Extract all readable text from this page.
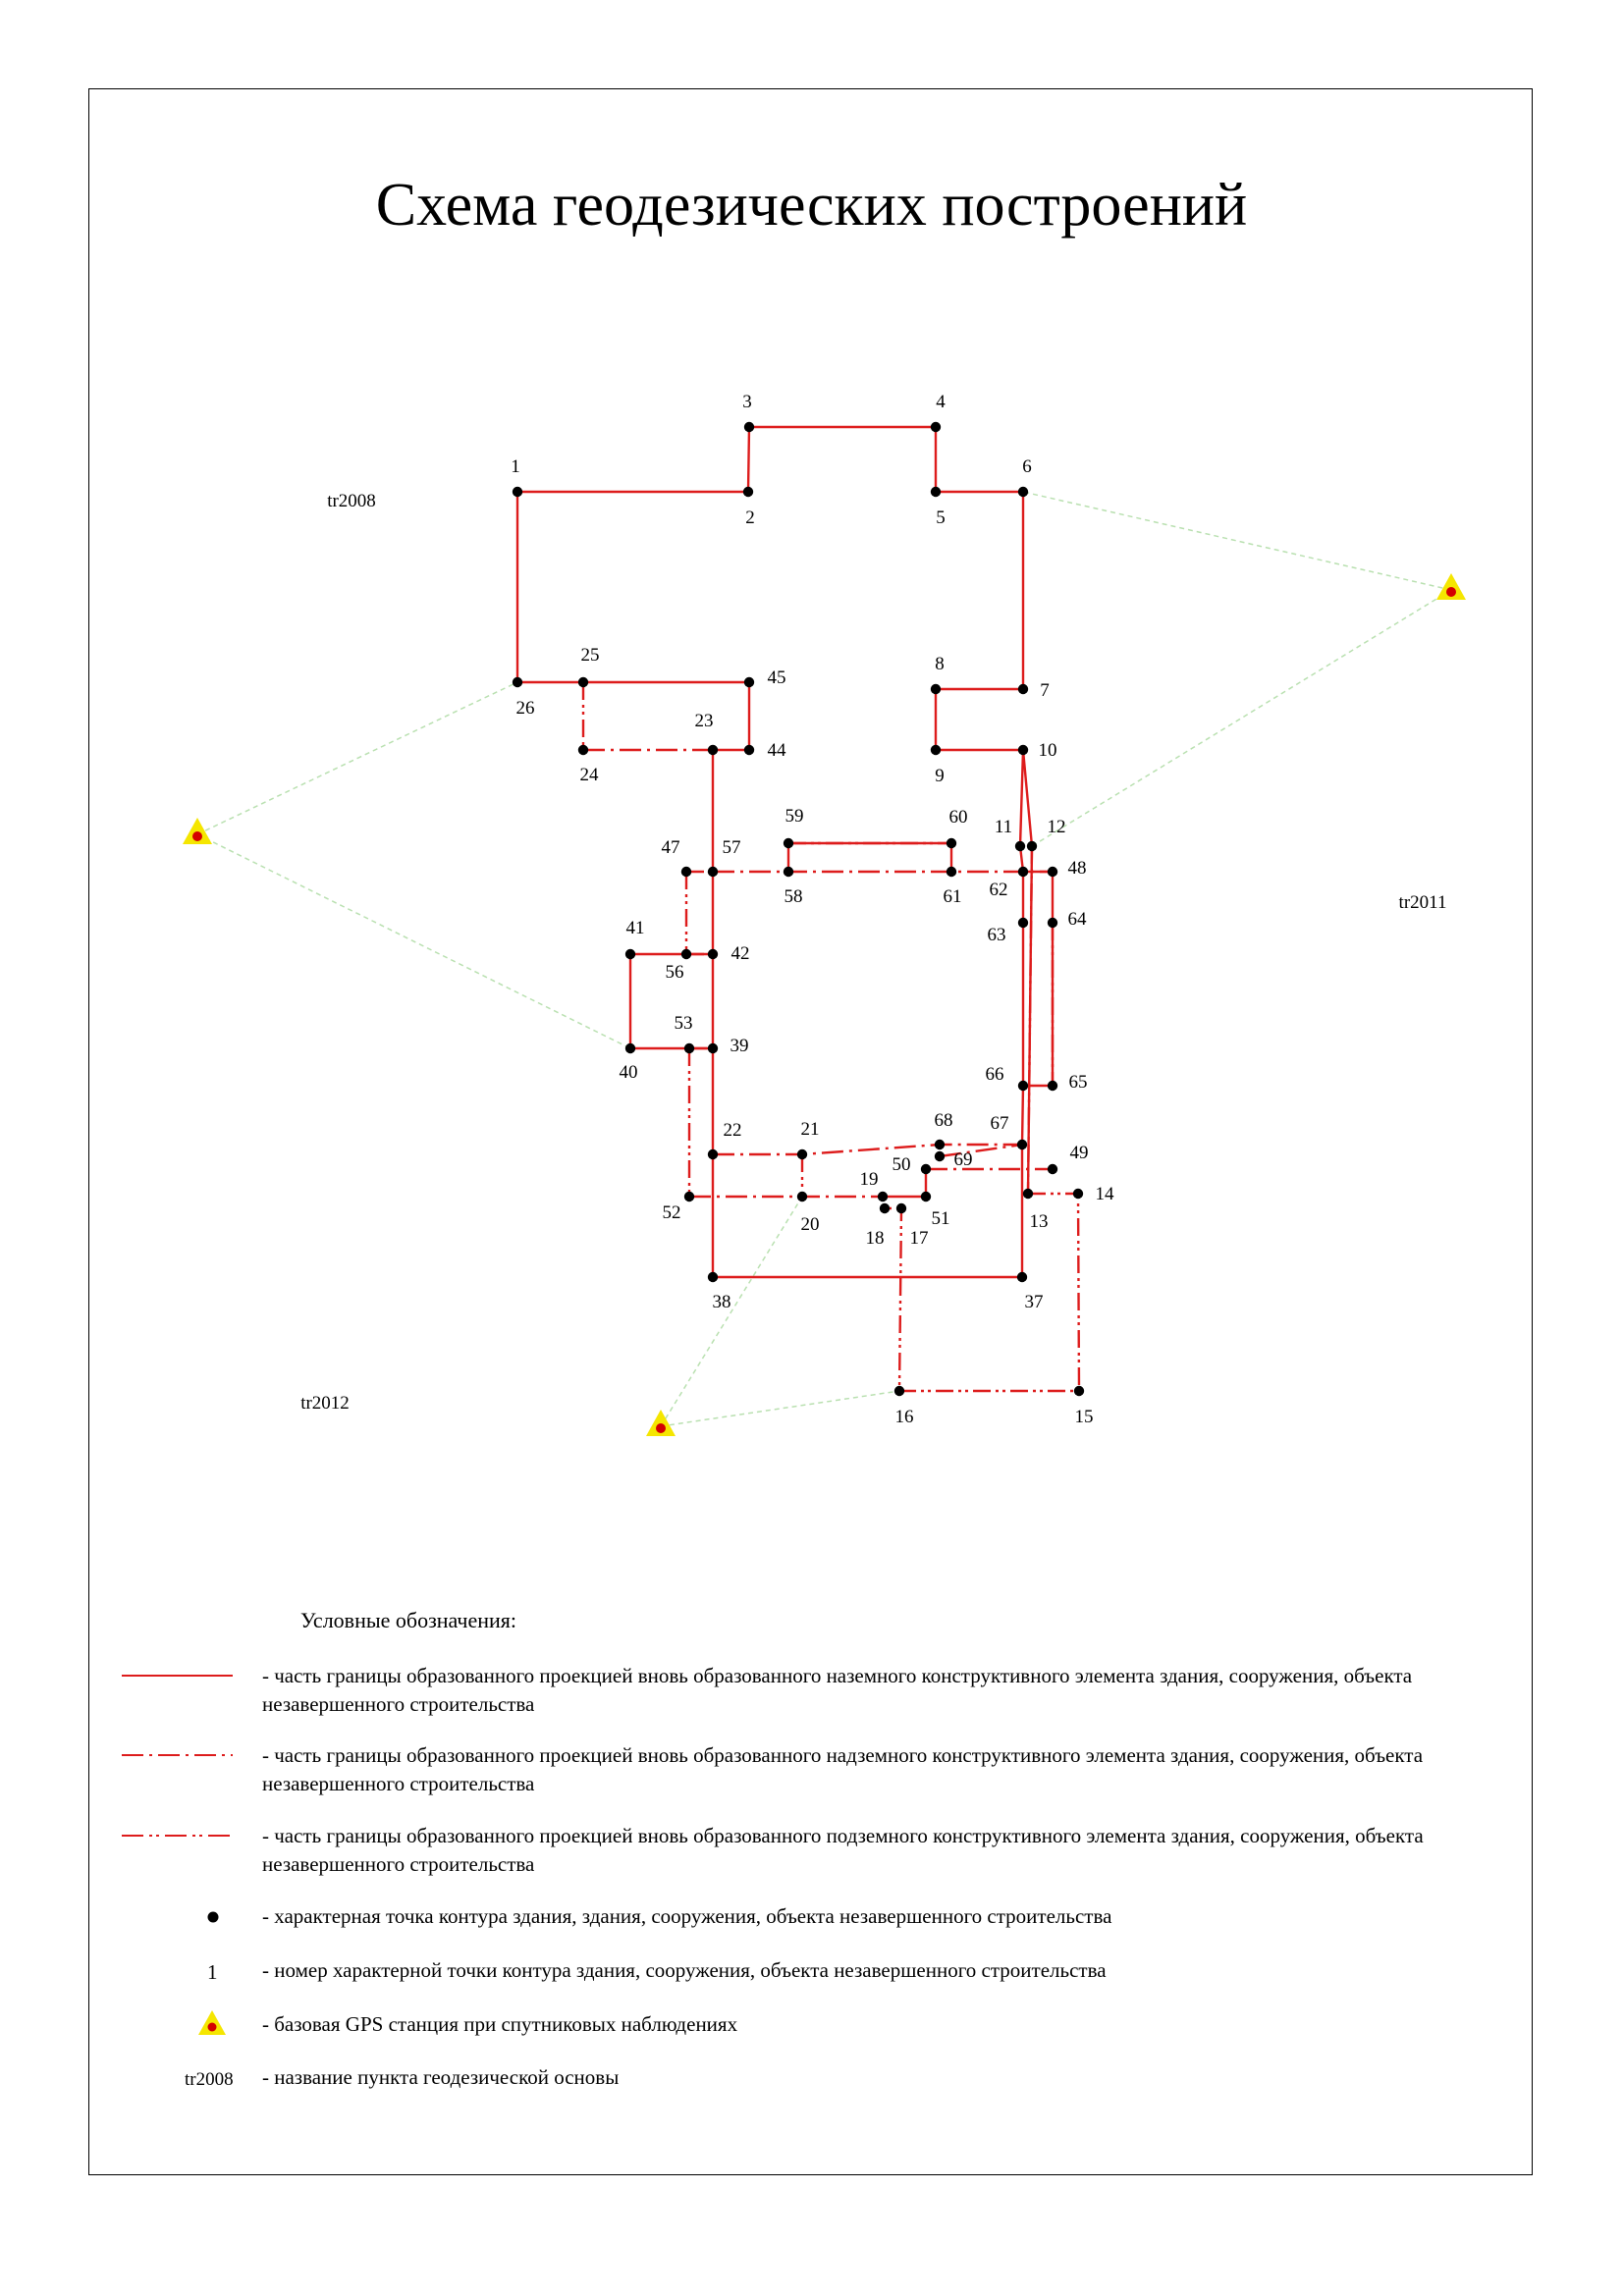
Схема геодезических построений
1
2
3	4
5
6
7
8
9
10
11 12
13
14
15
16
17
18
19
20
21
22
23
24
25
26
37
38
39
40
41
42
44
45
47
48
49
50
51
52
53
56
57
58
59	60
61 62
63
64
65
66
67
68
69
tr2008
tr2011
tr2012
Условные обозначения:
- часть границы образованного проекцией вновь образованного наземного конструктивного элемента здания, сооружения, объекта незавершенного строительства
- часть границы образованного проекцией вновь образованного надземного конструктивного элемента здания, сооружения, объекта незавершенного строительства
- часть границы образованного проекцией вновь образованного подземного конструктивного элемента здания, сооружения, объекта незавершенного строительства
- характерная точка контура здания, здания, сооружения, объекта незавершенного строительства
1 - номер характерной точки контура здания, сооружения, объекта незавершенного строительства
- базовая GPS станция при спутниковых наблюдениях
tr2008 - название пункта геодезической основы
